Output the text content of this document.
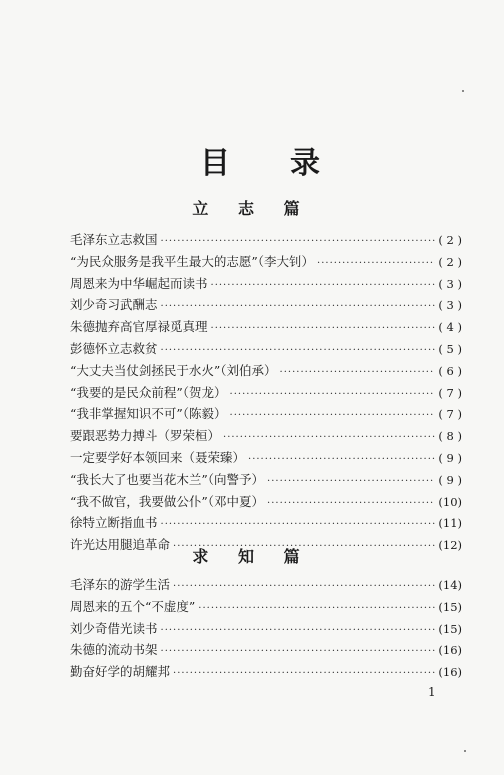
目 录
立 志 篇
毛泽东立志救国 ·····	( 2 )
“为民众服务是我平生最大的志愿”（李大钊） ·····	( 2 )
周恩来为中华崛起而读书 ·····	( 3 )
刘少奇习武酬志 ·····	( 3 )
朱德抛弃高官厚禄觅真理 ·····	( 4 )
彭德怀立志救贫 ·····	( 5 )
“大丈夫当仗剑拯民于水火”（刘伯承） ·····	( 6 )
“我要的是民众前程”（贺龙） ·····	( 7 )
“我非掌握知识不可”（陈毅） ·····	( 7 )
要跟恶势力搏斗（罗荣桓） ·····	( 8 )
一定要学好本领回来（聂荣臻） ·····	( 9 )
“我长大了也要当花木兰”（向警予） ·····	( 9 )
“我不做官，我要做公仆”（邓中夏） ·····	(10)
徐特立断指血书 ·····	(11)
许光达用腿追革命 ·····	(12)
求 知 篇
毛泽东的游学生活 ·····	(14)
周恩来的五个“不虚度” ·····	(15)
刘少奇借光读书 ·····	(15)
朱德的流动书架 ·····	(16)
勤奋好学的胡耀邦 ·····	(16)
1
